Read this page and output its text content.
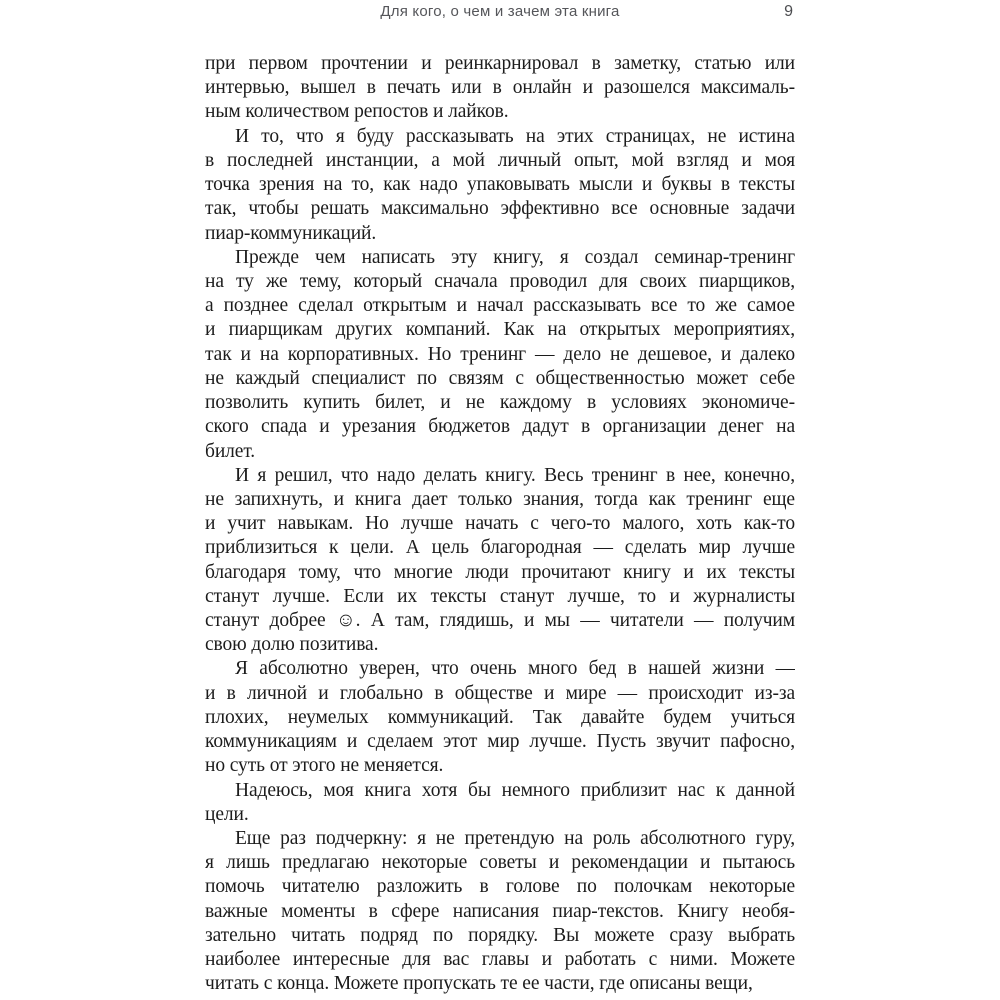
Для кого, о чем и зачем эта книга	9
при первом прочтении и реинкарнировал в заметку, статью или
интервью, вышел в печать или в онлайн и разошелся максималь-
ным количеством репостов и лайков.
И то, что я буду рассказывать на этих страницах, не истина
в последней инстанции, а мой личный опыт, мой взгляд и моя
точка зрения на то, как надо упаковывать мысли и буквы в тексты
так, чтобы решать максимально эффективно все основные задачи
пиар-коммуникаций.
Прежде чем написать эту книгу, я создал семинар-тренинг
на ту же тему, который сначала проводил для своих пиарщиков,
а позднее сделал открытым и начал рассказывать все то же самое
и пиарщикам других компаний. Как на открытых мероприятиях,
так и на корпоративных. Но тренинг — дело не дешевое, и далеко
не каждый специалист по связям с общественностью может себе
позволить купить билет, и не каждому в условиях экономиче-
ского спада и урезания бюджетов дадут в организации денег на
билет.
И я решил, что надо делать книгу. Весь тренинг в нее, конечно,
не запихнуть, и книга дает только знания, тогда как тренинг еще
и учит навыкам. Но лучше начать с чего-то малого, хоть как-то
приблизиться к цели. А цель благородная — сделать мир лучше
благодаря тому, что многие люди прочитают книгу и их тексты
станут лучше. Если их тексты станут лучше, то и журналисты
станут добрее ☺. А там, глядишь, и мы — читатели — получим
свою долю позитива.
Я абсолютно уверен, что очень много бед в нашей жизни —
и в личной и глобально в обществе и мире — происходит из-за
плохих, неумелых коммуникаций. Так давайте будем учиться
коммуникациям и сделаем этот мир лучше. Пусть звучит пафосно,
но суть от этого не меняется.
Надеюсь, моя книга хотя бы немного приблизит нас к данной
цели.
Еще раз подчеркну: я не претендую на роль абсолютного гуру,
я лишь предлагаю некоторые советы и рекомендации и пытаюсь
помочь читателю разложить в голове по полочкам некоторые
важные моменты в сфере написания пиар-текстов. Книгу необя-
зательно читать подряд по порядку. Вы можете сразу выбрать
наиболее интересные для вас главы и работать с ними. Можете
читать с конца. Можете пропускать те ее части, где описаны вещи,
